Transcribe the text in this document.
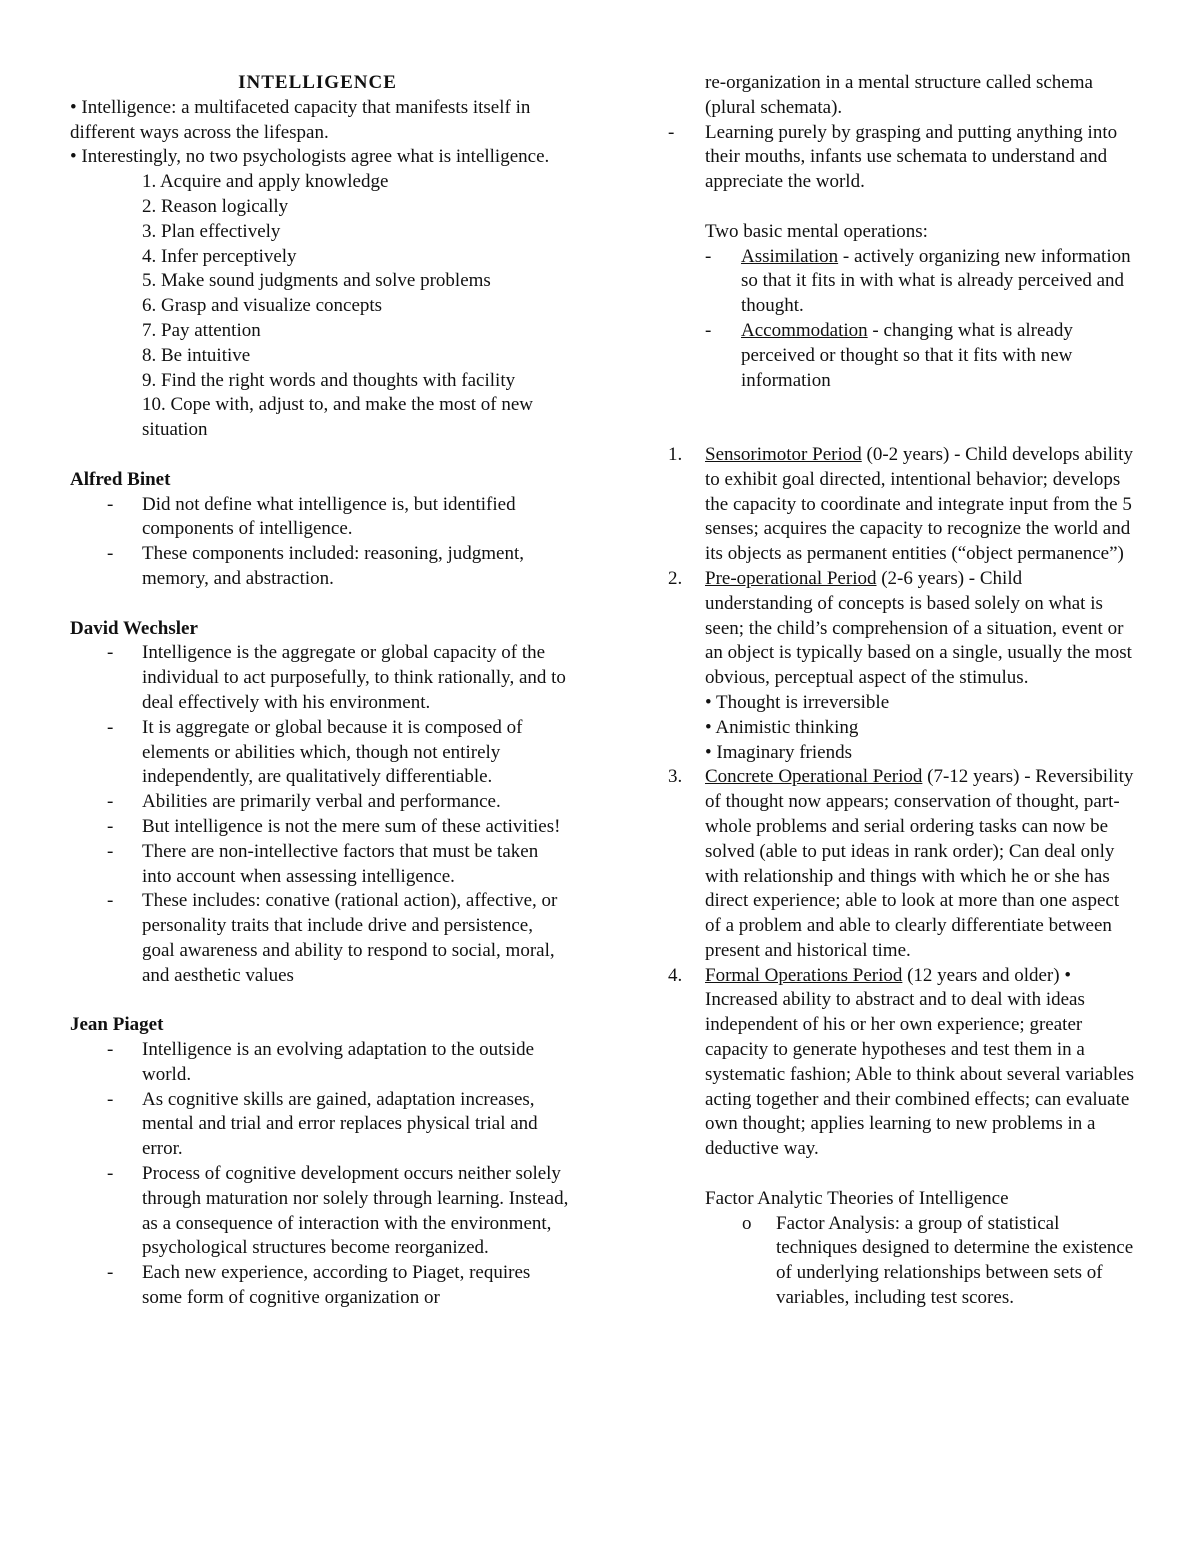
INTELLIGENCE

• Intelligence: a multifaceted capacity that manifests itself in different ways across the lifespan.

• Interestingly, no two psychologists agree what is intelligence.

1. Acquire and apply knowledge
2. Reason logically
3. Plan effectively
4. Infer perceptively
5. Make sound judgments and solve problems
6. Grasp and visualize concepts
7. Pay attention
8. Be intuitive
9. Find the right words and thoughts with facility
10. Cope with, adjust to, and make the most of new situation
Alfred Binet
- Did not define what intelligence is, but identified components of intelligence.
- These components included: reasoning, judgment, memory, and abstraction.
David Wechsler
- Intelligence is the aggregate or global capacity of the individual to act purposefully, to think rationally, and to deal effectively with his environment.
- It is aggregate or global because it is composed of elements or abilities which, though not entirely independently, are qualitatively differentiable.
- Abilities are primarily verbal and performance.
- But intelligence is not the mere sum of these activities!
- There are non-intellective factors that must be taken into account when assessing intelligence.
- These includes: conative (rational action), affective, or personality traits that include drive and persistence, goal awareness and ability to respond to social, moral, and aesthetic values
Jean Piaget
- Intelligence is an evolving adaptation to the outside world.
- As cognitive skills are gained, adaptation increases, mental and trial and error replaces physical trial and error.
- Process of cognitive development occurs neither solely through maturation nor solely through learning. Instead, as a consequence of interaction with the environment, psychological structures become reorganized.
- Each new experience, according to Piaget, requires some form of cognitive organization or
re-organization in a mental structure called schema (plural schemata).
- Learning purely by grasping and putting anything into their mouths, infants use schemata to understand and appreciate the world.
Two basic mental operations:
- Assimilation - actively organizing new information so that it fits in with what is already perceived and thought.
- Accommodation - changing what is already perceived or thought so that it fits with new information
1. Sensorimotor Period (0-2 years) - Child develops ability to exhibit goal directed, intentional behavior; develops the capacity to coordinate and integrate input from the 5 senses; acquires the capacity to recognize the world and its objects as permanent entities (“object permanence”)
2. Pre-operational Period (2-6 years) - Child understanding of concepts is based solely on what is seen; the child’s comprehension of a situation, event or an object is typically based on a single, usually the most obvious, perceptual aspect of the stimulus.
• Thought is irreversible
• Animistic thinking
• Imaginary friends
3. Concrete Operational Period (7-12 years) - Reversibility of thought now appears; conservation of thought, part-whole problems and serial ordering tasks can now be solved (able to put ideas in rank order); Can deal only with relationship and things with which he or she has direct experience; able to look at more than one aspect of a problem and able to clearly differentiate between present and historical time.
4. Formal Operations Period (12 years and older) • Increased ability to abstract and to deal with ideas independent of his or her own experience; greater capacity to generate hypotheses and test them in a systematic fashion; Able to think about several variables acting together and their combined effects; can evaluate own thought; applies learning to new problems in a deductive way.
Factor Analytic Theories of Intelligence
o Factor Analysis: a group of statistical techniques designed to determine the existence of underlying relationships between sets of variables, including test scores.
